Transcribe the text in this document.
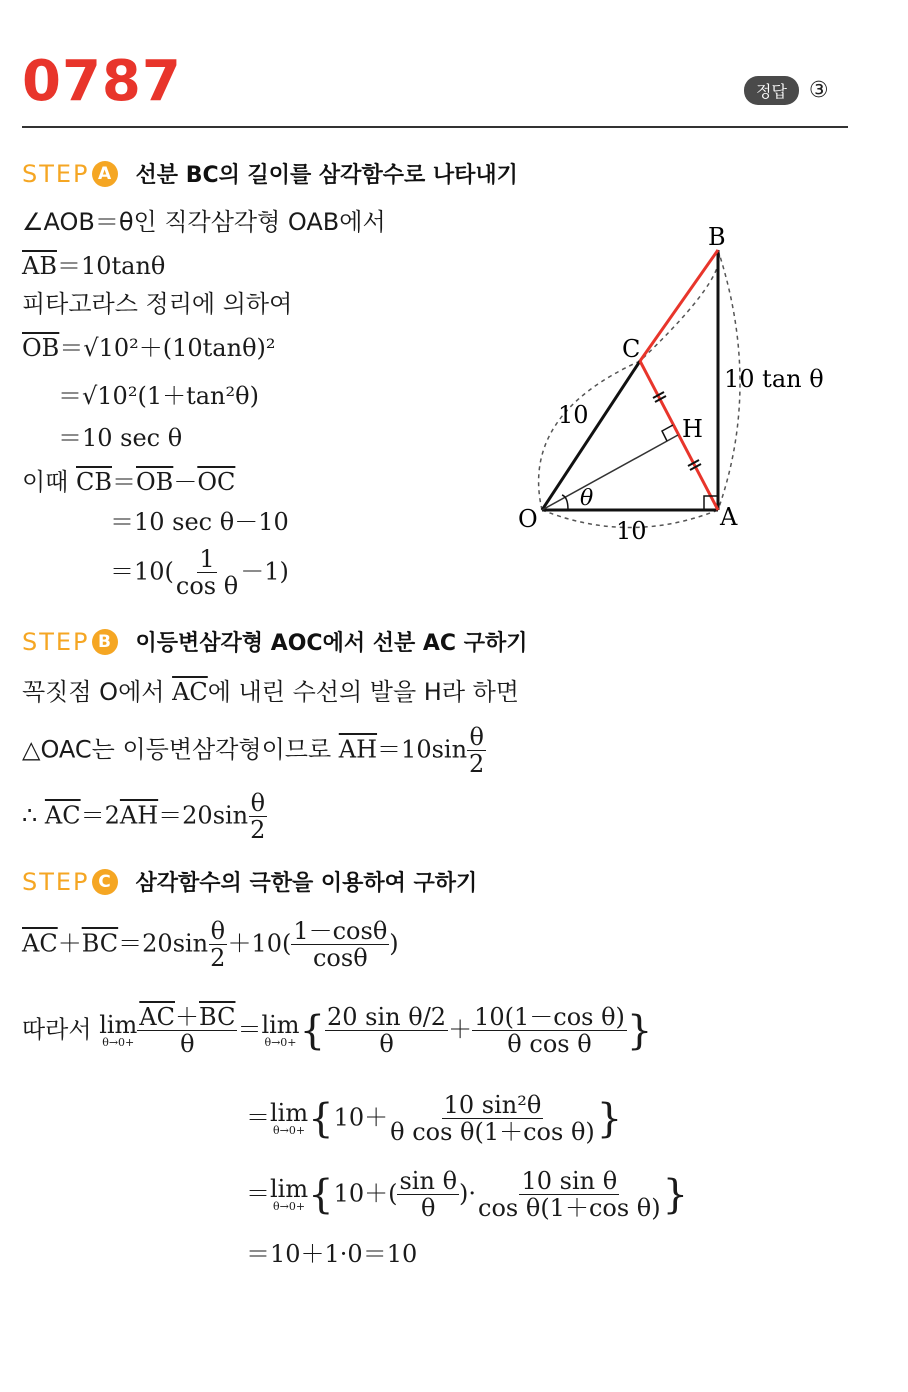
0787	정답	③
STEP A 선분 BC의 길이를 삼각함수로 나타내기
∠AOB＝θ인 직각삼각형 OAB에서
$\overline{AB}=10\tan\theta$
피타고라스 정리에 의하여
$\overline{OB}=√10^2+(10\tan\theta)^2$
＝√10²(1＋tan²θ)
＝10 sec θ
이때 $\overline{CB}=\overline{OB}-\overline{OC}$
＝10 sec θ－10
$=10( \frac{1}{\text{cos θ}} -1)$
O	A
B
C
H
10
10
10 tan θ
θ
STEP B 이등변삼각형 AOC에서 선분 AC 구하기
꼭짓점 O에서 $\overline{AC}$에 내린 수선의 발을 H라 하면
△OAC는 이등변삼각형이므로 $\overline{AH}=10\sin \frac{\theta}{2}$
∴ $\overline{AC}=2\overline{AH}=20\sin \frac{\theta}{2}$
STEP C	삼각함수의 극한을 이용하여 구하기
$\overline{AC}+\overline{BC}=20\sin \frac{\theta}{2} +10( \frac{1-\cos\theta}{\cos\theta}$ )
따라서 lim
$\theta\to 0+ \frac{\overline{AC}+\overline{BC}}{\theta} = \lim$
θ→0+ { $\frac{\text{20 sin θ/2}}{\theta} + \frac{\text{10(1－cos θ)}}{\text{θ cos θ}}$ }
＝ lim
$\theta\to 0+ \{10+ \frac{\text{10 sin²θ}}{\text{θ cos θ(1＋cos θ)}}$ }
＝ lim
$\theta\to 0+ \{10+( \frac{\text{sin θ}}{\theta}$ )· $\frac{\text{10 sin θ}}{\text{cos θ(1＋cos θ)}}$ }
＝10＋1·0＝10
